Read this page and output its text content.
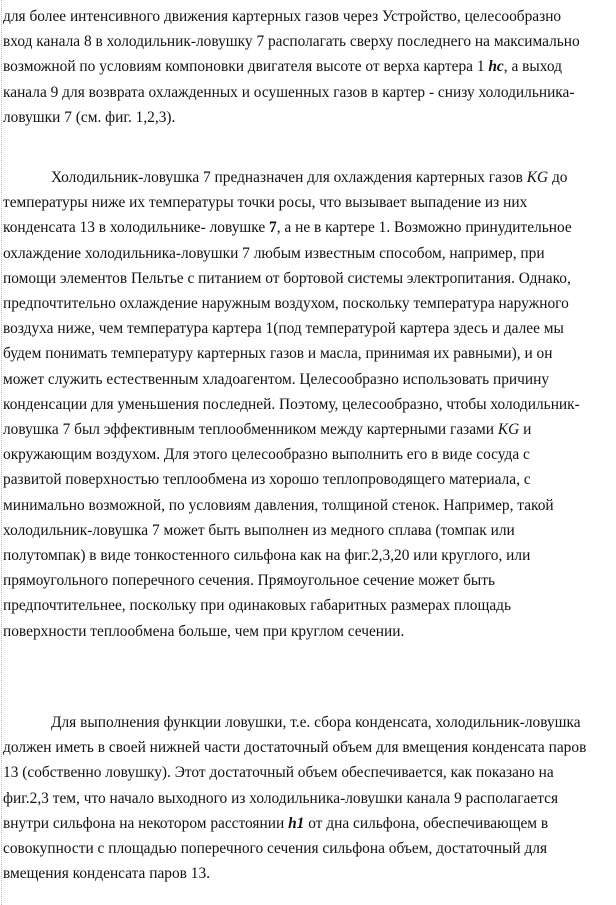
для более интенсивного движения картерных газов через Устройство, целесообразно
вход канала 8 в холодильник-ловушку 7 располагать сверху последнего на максимально
возможной по условиям компоновки двигателя высоте от верха картера 1 hc, а выход
канала 9 для возврата охлажденных и осушенных газов в картер - снизу холодильника-
ловушки 7 (см. фиг. 1,2,3).

Холодильник-ловушка 7 предназначен для охлаждения картерных газов KG до
температуры ниже их температуры точки росы, что вызывает выпадение из них
конденсата 13 в холодильнике- ловушке 7, а не в картере 1. Возможно принудительное
охлаждение холодильника-ловушки 7 любым известным способом, например, при
помощи элементов Пельтье с питанием от бортовой системы электропитания. Однако,
предпочтительно охлаждение наружным воздухом, поскольку температура наружного
воздуха ниже, чем температура картера 1(под температурой картера здесь и далее мы
будем понимать температуру картерных газов и масла, принимая их равными), и он
может служить естественным хладоагентом. Целесообразно использовать причину
конденсации для уменьшения последней. Поэтому, целесообразно, чтобы холодильник-
ловушка 7 был эффективным теплообменником между картерными газами KG и
окружающим воздухом. Для этого целесообразно выполнить его в виде сосуда с
развитой поверхностью теплообмена из хорошо теплопроводящего материала, с
минимально возможной, по условиям давления, толщиной стенок. Например, такой
холодильник-ловушка 7 может быть выполнен из медного сплава (томпак или
полутомпак) в виде тонкостенного сильфона как на фиг.2,3,20 или круглого, или
прямоугольного поперечного сечения. Прямоугольное сечение может быть
предпочтительнее, поскольку при одинаковых габаритных размерах площадь
поверхности теплообмена больше, чем при круглом сечении.

Для выполнения функции ловушки, т.е. сбора конденсата, холодильник-ловушка
должен иметь в своей нижней части достаточный объем для вмещения конденсата паров
13 (собственно ловушку). Этот достаточный объем обеспечивается, как показано на
фиг.2,3 тем, что начало выходного из холодильника-ловушки канала 9 располагается
внутри сильфона на некотором расстоянии h1 от дна сильфона, обеспечивающем в
совокупности с площадью поперечного сечения сильфона объем, достаточный для
вмещения конденсата паров 13.
